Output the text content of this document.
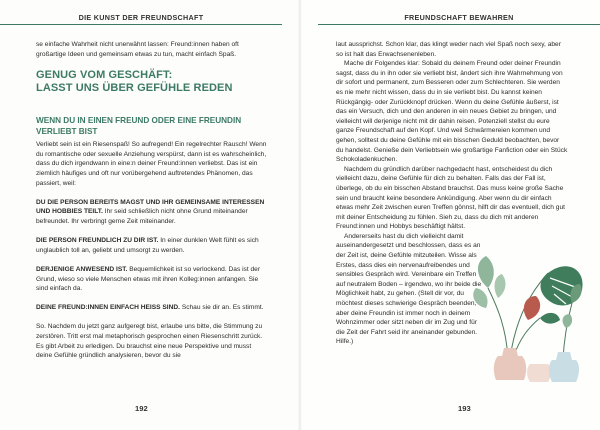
DIE KUNST DER FREUNDSCHAFT

se einfache Wahrheit nicht unerwähnt lassen: Freund:innen haben oft großartige Ideen und gemeinsam etwas zu tun, macht einfach Spaß.

GENUG VOM GESCHÄFT:
LASST UNS ÜBER GEFÜHLE REDEN
WENN DU IN EINEN FREUND ODER EINE FREUNDIN
VERLIEBT BIST

Verliebt sein ist ein Riesenspaß! So aufregend! Ein regelrechter Rausch! Wenn du romantische oder sexuelle Anziehung verspürst, dann ist es wahrscheinlich, dass du dich irgendwann in eine:n deiner Freund:innen verliebst. Das ist ein ziemlich häufiges und oft nur vorübergehend auftretendes Phänomen, das passiert, weil:

DU DIE PERSON BEREITS MAGST UND IHR GEMEINSAME INTERESSEN UND HOBBIES TEILT. Ihr seid schließlich nicht ohne Grund miteinander befreundet. Ihr verbringt gerne Zeit miteinander.

DIE PERSON FREUNDLICH ZU DIR IST. In einer dunklen Welt fühlt es sich unglaublich toll an, geliebt und umsorgt zu werden.

DERJENIGE ANWESEND IST. Bequemlichkeit ist so verlockend. Das ist der Grund, wieso so viele Menschen etwas mit ihren Kolleg:innen anfangen. Sie sind einfach da.

DEINE FREUND:INNEN EINFACH HEISS SIND. Schau sie dir an. Es stimmt.

So. Nachdem du jetzt ganz aufgeregt bist, erlaube uns bitte, die Stimmung zu zerstören. Tritt erst mal metaphorisch gesprochen einen Riesenschritt zurück. Es gibt Arbeit zu erledigen. Du brauchst eine neue Perspektive und musst deine Gefühle gründlich analysieren, bevor du sie

192
FREUNDSCHAFT BEWAHREN

laut aussprichst. Schon klar, das klingt weder nach viel Spaß noch sexy, aber so ist halt das Erwachsenenleben.

Mache dir Folgendes klar: Sobald du deinem Freund oder deiner Freundin sagst, dass du in ihn oder sie verliebt bist, ändert sich ihre Wahrnehmung von dir sofort und permanent, zum Besseren oder zum Schlechteren. Sie werden es nie mehr nicht wissen, dass du in sie verliebt bist. Du kannst keinen Rückgängig- oder Zurückknopf drücken. Wenn du deine Gefühle äußerst, ist das ein Versuch, dich und den anderen in ein neues Gebiet zu bringen, und vielleicht will derjenige nicht mit dir dahin reisen. Potenziell stellst du eure ganze Freundschaft auf den Kopf. Und weil Schwärmereien kommen und gehen, solltest du deine Gefühle mit ein bisschen Geduld beobachten, bevor du handelst. Genieße dein Verliebtsein wie großartige Fanfiction oder ein Stück Schokoladenkuchen.

Nachdem du gründlich darüber nachgedacht hast, entscheidest du dich vielleicht dazu, deine Gefühle für dich zu behalten. Falls das der Fall ist, überlege, ob du ein bisschen Abstand brauchst. Das muss keine große Sache sein und braucht keine besondere Ankündigung. Aber wenn du dir einfach etwas mehr Zeit zwischen euren Treffen gönnst, hilft dir das eventuell, dich gut mit deiner Entscheidung zu fühlen. Sieh zu, dass du dich mit anderen Freund:innen und Hobbys beschäftigt hältst.

Andererseits hast du dich vielleicht damit auseinandergesetzt und beschlossen, dass es an der Zeit ist, deine Gefühle mitzuteilen. Wisse als Erstes, dass dies ein nervenaufreibendes und sensibles Gespräch wird. Vereinbare ein Treffen auf neutralem Boden – irgendwo, wo ihr beide die Möglichkeit habt, zu gehen. (Stell dir vor, du möchtest dieses schwierige Gespräch beenden, aber deine Freundin ist immer noch in deinem Wohnzimmer oder sitzt neben dir im Zug und für die Zeit der Fahrt seid ihr aneinander gebunden. Hilfe.)

193
